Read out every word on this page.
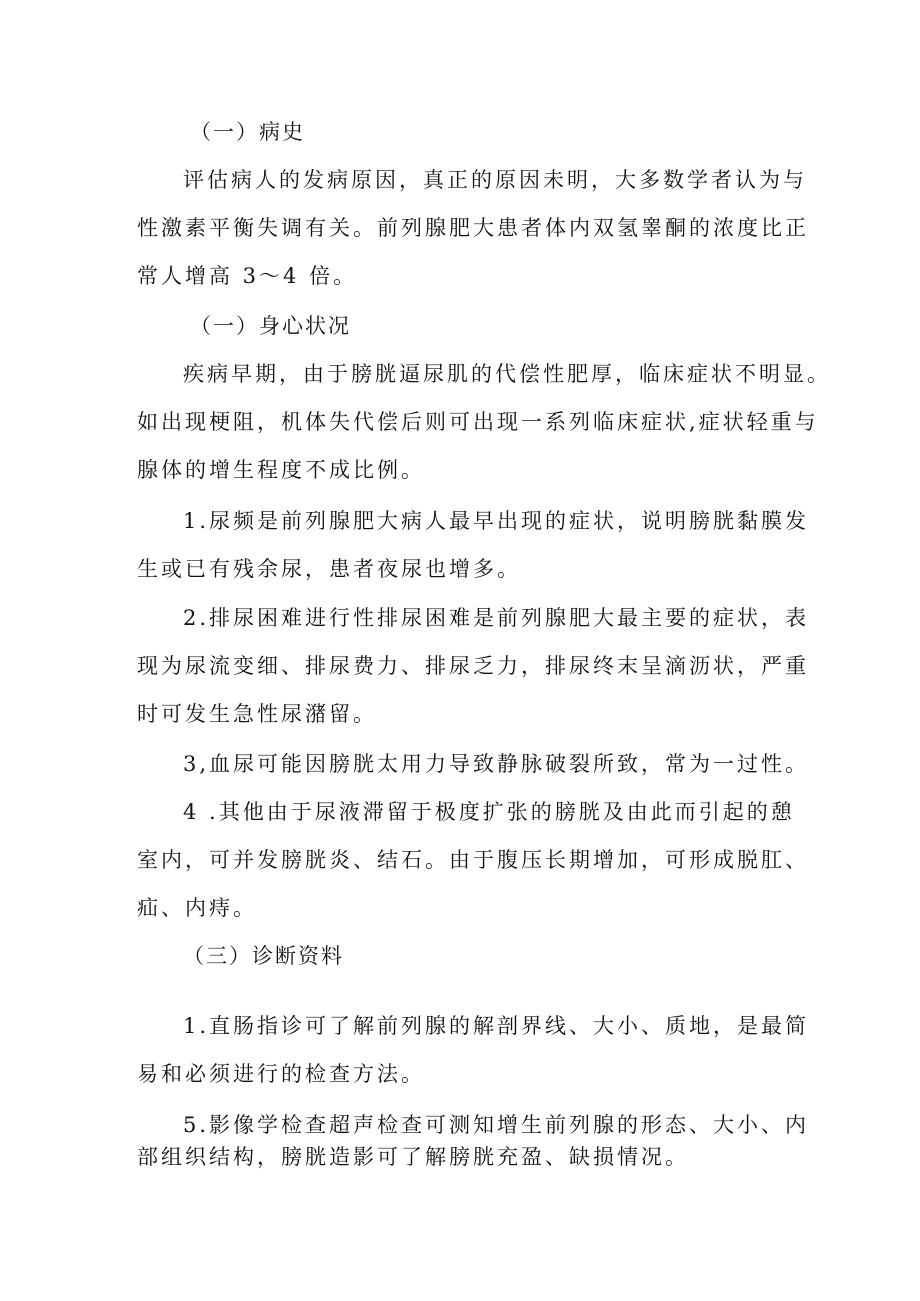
（一）病史
评估病人的发病原因，真正的原因未明，大多数学者认为与
性激素平衡失调有关。前列腺肥大患者体内双氢睾酮的浓度比正
常人增高 3～4 倍。
（一）身心状况
疾病早期，由于膀胱逼尿肌的代偿性肥厚，临床症状不明显。
如出现梗阻，机体失代偿后则可出现一系列临床症状,症状轻重与
腺体的增生程度不成比例。
1.尿频是前列腺肥大病人最早出现的症状，说明膀胱黏膜发
生或已有残余尿，患者夜尿也增多。
2.排尿困难进行性排尿困难是前列腺肥大最主要的症状，表
现为尿流变细、排尿费力、排尿乏力，排尿终末呈滴沥状，严重
时可发生急性尿潴留。
3,血尿可能因膀胱太用力导致静脉破裂所致，常为一过性。
4 .其他由于尿液滞留于极度扩张的膀胱及由此而引起的憩
室内，可并发膀胱炎、结石。由于腹压长期增加，可形成脱肛、
疝、内痔。
（三）诊断资料
1.直肠指诊可了解前列腺的解剖界线、大小、质地，是最简
易和必须进行的检查方法。
5.影像学检查超声检查可测知增生前列腺的形态、大小、内
部组织结构，膀胱造影可了解膀胱充盈、缺损情况。
